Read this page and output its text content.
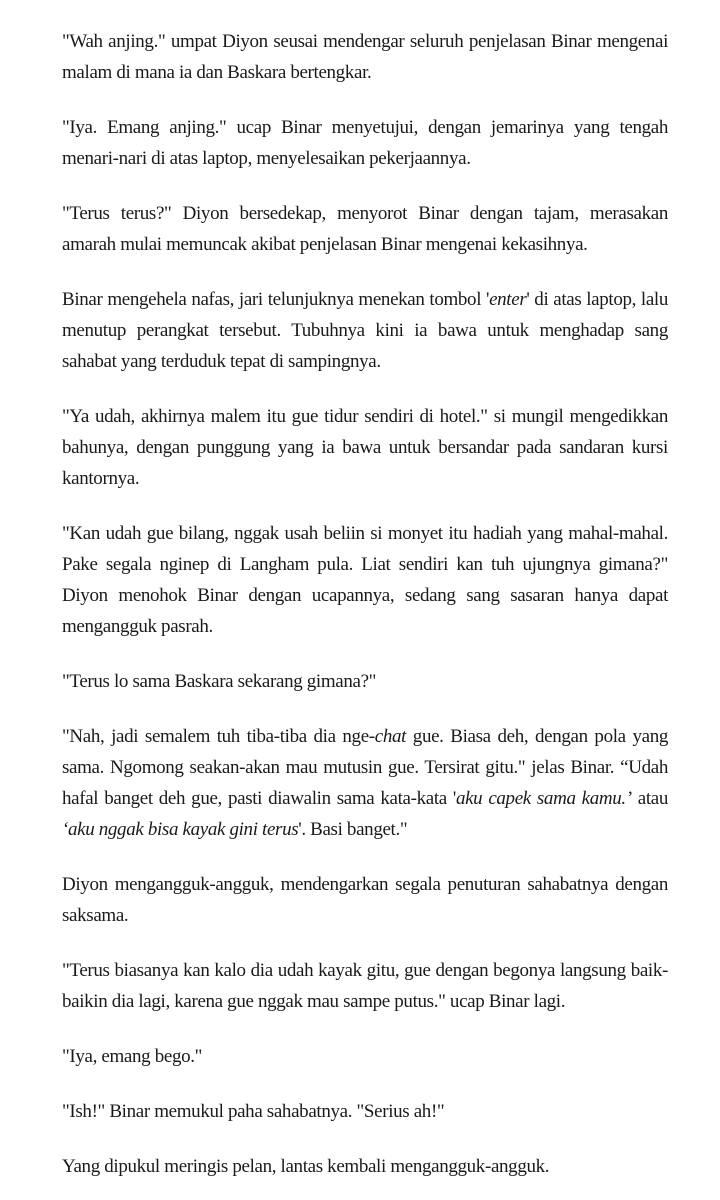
"Wah anjing." umpat Diyon seusai mendengar seluruh penjelasan Binar mengenai malam di mana ia dan Baskara bertengkar.

"Iya. Emang anjing." ucap Binar menyetujui, dengan jemarinya yang tengah menari-nari di atas laptop, menyelesaikan pekerjaannya.

"Terus terus?" Diyon bersedekap, menyorot Binar dengan tajam, merasakan amarah mulai memuncak akibat penjelasan Binar mengenai kekasihnya.

Binar mengehela nafas, jari telunjuknya menekan tombol 'enter' di atas laptop, lalu menutup perangkat tersebut. Tubuhnya kini ia bawa untuk menghadap sang sahabat yang terduduk tepat di sampingnya.

"Ya udah, akhirnya malem itu gue tidur sendiri di hotel." si mungil mengedikkan bahunya, dengan punggung yang ia bawa untuk bersandar pada sandaran kursi kantornya.

"Kan udah gue bilang, nggak usah beliin si monyet itu hadiah yang mahal-mahal. Pake segala nginep di Langham pula. Liat sendiri kan tuh ujungnya gimana?" Diyon menohok Binar dengan ucapannya, sedang sang sasaran hanya dapat mengangguk pasrah.

"Terus lo sama Baskara sekarang gimana?"

"Nah, jadi semalem tuh tiba-tiba dia nge-chat gue. Biasa deh, dengan pola yang sama. Ngomong seakan-akan mau mutusin gue. Tersirat gitu." jelas Binar. “Udah hafal banget deh gue, pasti diawalin sama kata-kata 'aku capek sama kamu.’ atau ‘aku nggak bisa kayak gini terus'. Basi banget."

Diyon mengangguk-angguk, mendengarkan segala penuturan sahabatnya dengan saksama.

"Terus biasanya kan kalo dia udah kayak gitu, gue dengan begonya langsung baik-baikin dia lagi, karena gue nggak mau sampe putus." ucap Binar lagi.

"Iya, emang bego."

"Ish!" Binar memukul paha sahabatnya. "Serius ah!"

Yang dipukul meringis pelan, lantas kembali mengangguk-angguk.
